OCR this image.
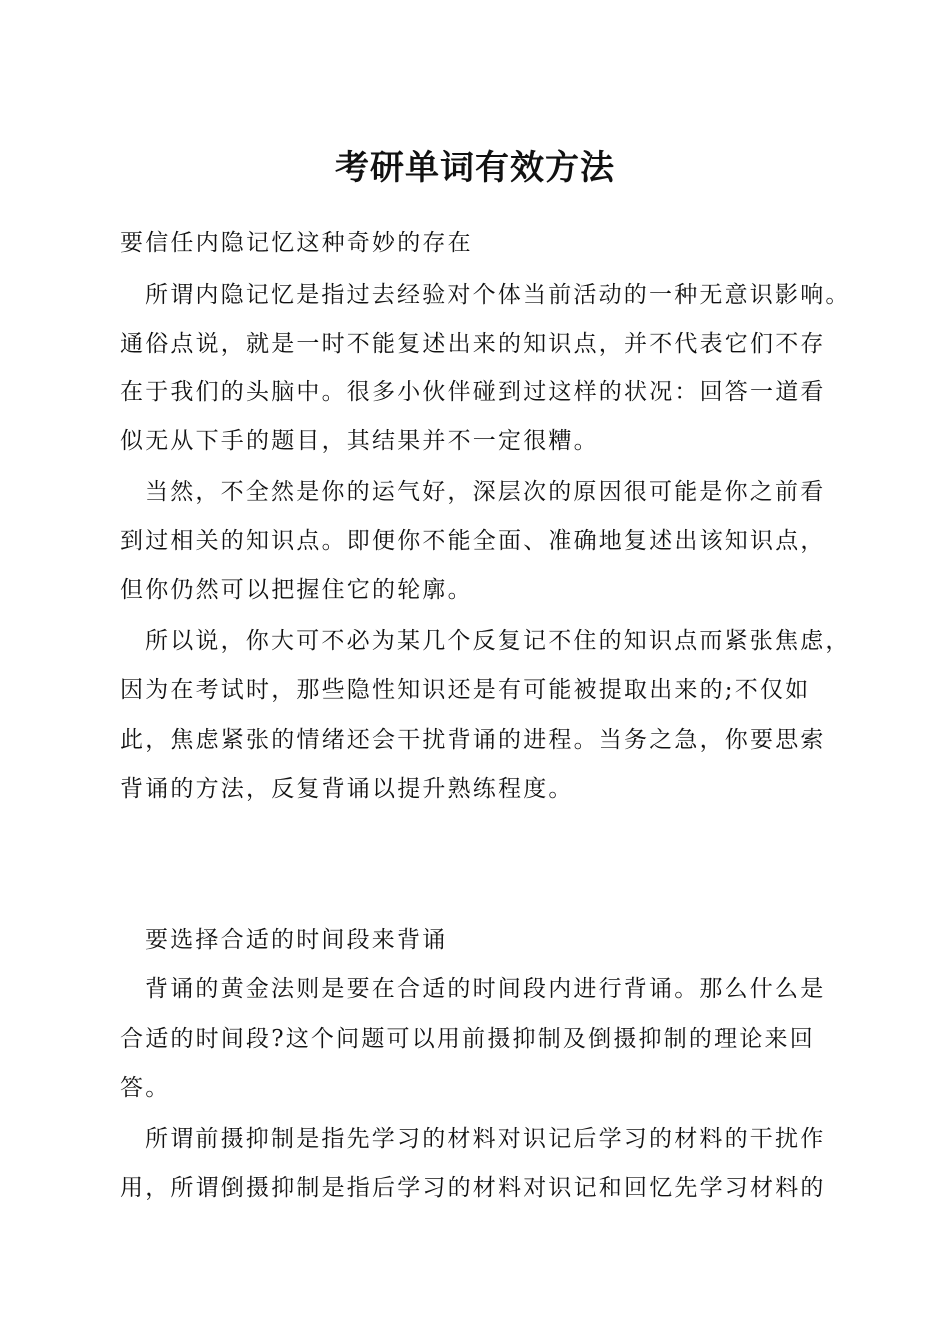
考研单词有效方法

要信任内隐记忆这种奇妙的存在

所谓内隐记忆是指过去经验对个体当前活动的一种无意识影响。

通俗点说，就是一时不能复述出来的知识点，并不代表它们不存

在于我们的头脑中。很多小伙伴碰到过这样的状况：回答一道看

似无从下手的题目，其结果并不一定很糟。

当然，不全然是你的运气好，深层次的原因很可能是你之前看

到过相关的知识点。即便你不能全面、准确地复述出该知识点，

但你仍然可以把握住它的轮廓。

所以说，你大可不必为某几个反复记不住的知识点而紧张焦虑，

因为在考试时，那些隐性知识还是有可能被提取出来的;不仅如

此，焦虑紧张的情绪还会干扰背诵的进程。当务之急，你要思索

背诵的方法，反复背诵以提升熟练程度。

要选择合适的时间段来背诵

背诵的黄金法则是要在合适的时间段内进行背诵。那么什么是

合适的时间段?这个问题可以用前摄抑制及倒摄抑制的理论来回

答。

所谓前摄抑制是指先学习的材料对识记后学习的材料的干扰作

用，所谓倒摄抑制是指后学习的材料对识记和回忆先学习材料的
